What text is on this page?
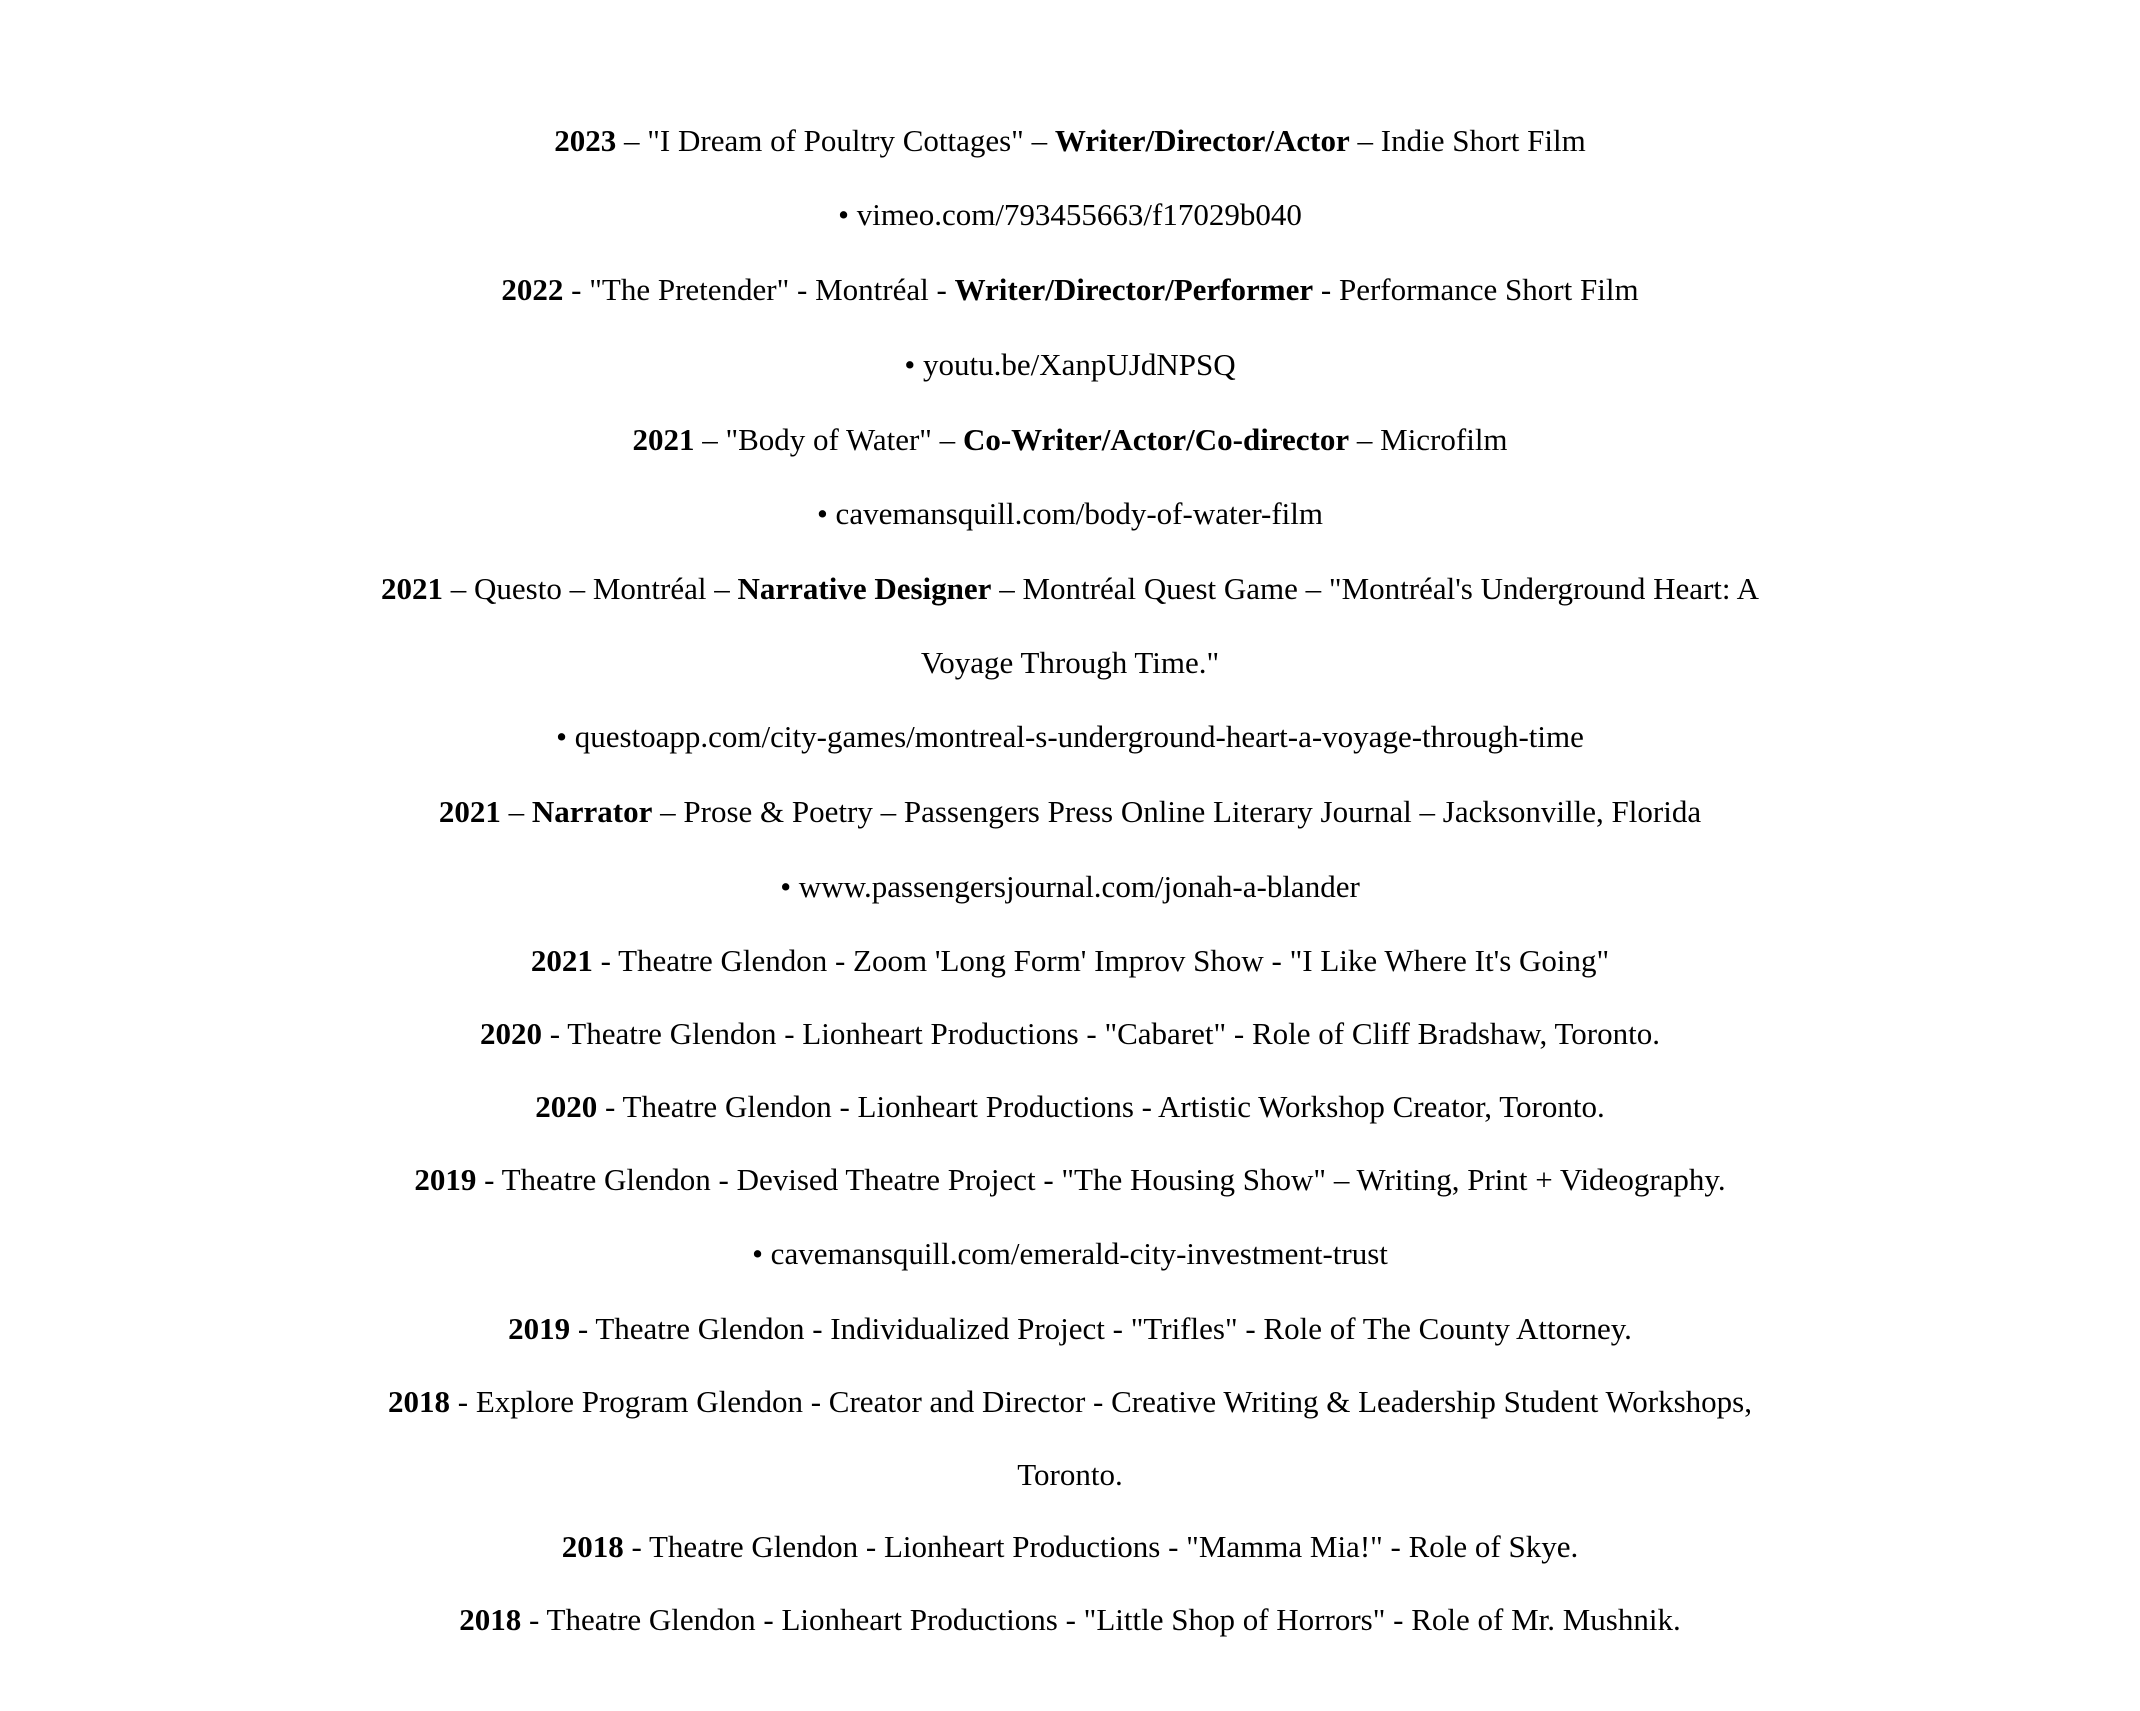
2023 – "I Dream of Poultry Cottages" – Writer/Director/Actor – Indie Short Film
• vimeo.com/793455663/f17029b040
2022 - "The Pretender" - Montréal - Writer/Director/Performer - Performance Short Film
• youtu.be/XanpUJdNPSQ
2021 – "Body of Water" – Co-Writer/Actor/Co-director – Microfilm
• cavemansquill.com/body-of-water-film
2021 – Questo – Montréal – Narrative Designer – Montréal Quest Game – "Montréal's Underground Heart: A
Voyage Through Time."
• questoapp.com/city-games/montreal-s-underground-heart-a-voyage-through-time
2021 – Narrator – Prose & Poetry – Passengers Press Online Literary Journal – Jacksonville, Florida
• www.passengersjournal.com/jonah-a-blander
2021 - Theatre Glendon - Zoom 'Long Form' Improv Show - "I Like Where It's Going"
2020 - Theatre Glendon - Lionheart Productions - "Cabaret" - Role of Cliff Bradshaw, Toronto.
2020 - Theatre Glendon - Lionheart Productions - Artistic Workshop Creator, Toronto.
2019 - Theatre Glendon - Devised Theatre Project - "The Housing Show" – Writing, Print + Videography.
• cavemansquill.com/emerald-city-investment-trust
2019 - Theatre Glendon - Individualized Project - "Trifles" - Role of The County Attorney.
2018 - Explore Program Glendon - Creator and Director - Creative Writing & Leadership Student Workshops,
Toronto.
2018 - Theatre Glendon - Lionheart Productions - "Mamma Mia!" - Role of Skye.
2018 - Theatre Glendon - Lionheart Productions - "Little Shop of Horrors" - Role of Mr. Mushnik.
